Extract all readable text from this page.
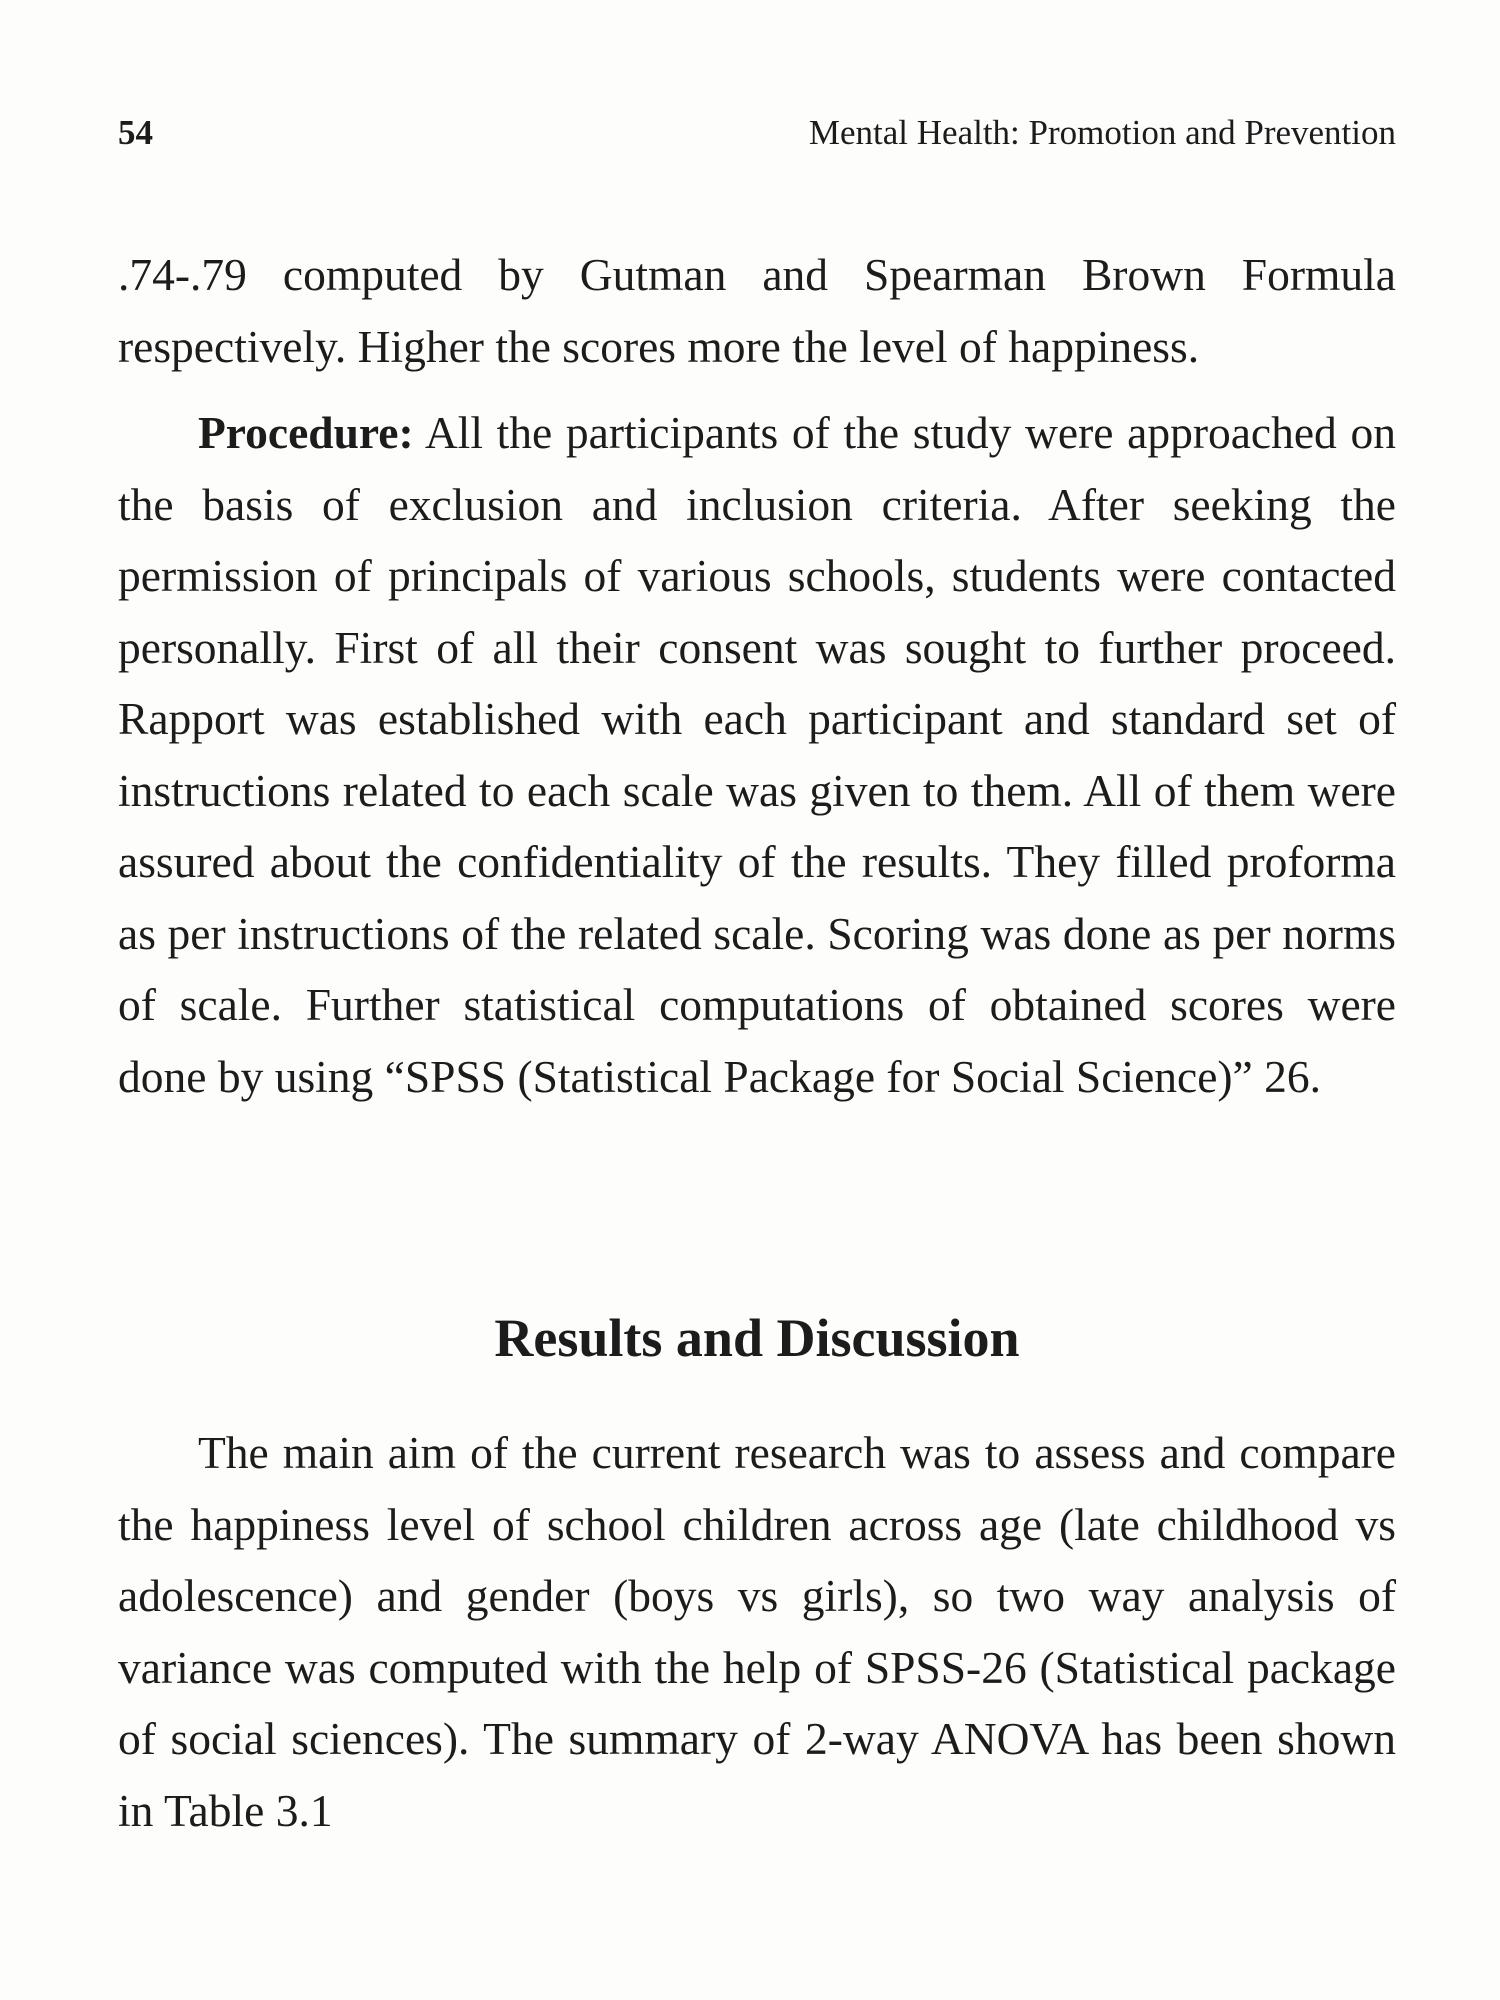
54	Mental Health: Promotion and Prevention

.74-.79 computed by Gutman and Spearman Brown Formula respectively. Higher the scores more the level of happiness.

Procedure: All the participants of the study were approached on the basis of exclusion and inclusion criteria. After seeking the permission of principals of various schools, students were contacted personally. First of all their consent was sought to further proceed. Rapport was established with each participant and standard set of instructions related to each scale was given to them. All of them were assured about the confidentiality of the results. They filled proforma as per instructions of the related scale. Scoring was done as per norms of scale. Further statistical computations of obtained scores were done by using “SPSS (Statistical Package for Social Science)” 26.

Results and Discussion

The main aim of the current research was to assess and compare the happiness level of school children across age (late childhood vs adolescence) and gender (boys vs girls), so two way analysis of variance was computed with the help of SPSS-26 (Statistical package of social sciences). The summary of 2-way ANOVA has been shown in Table 3.1
